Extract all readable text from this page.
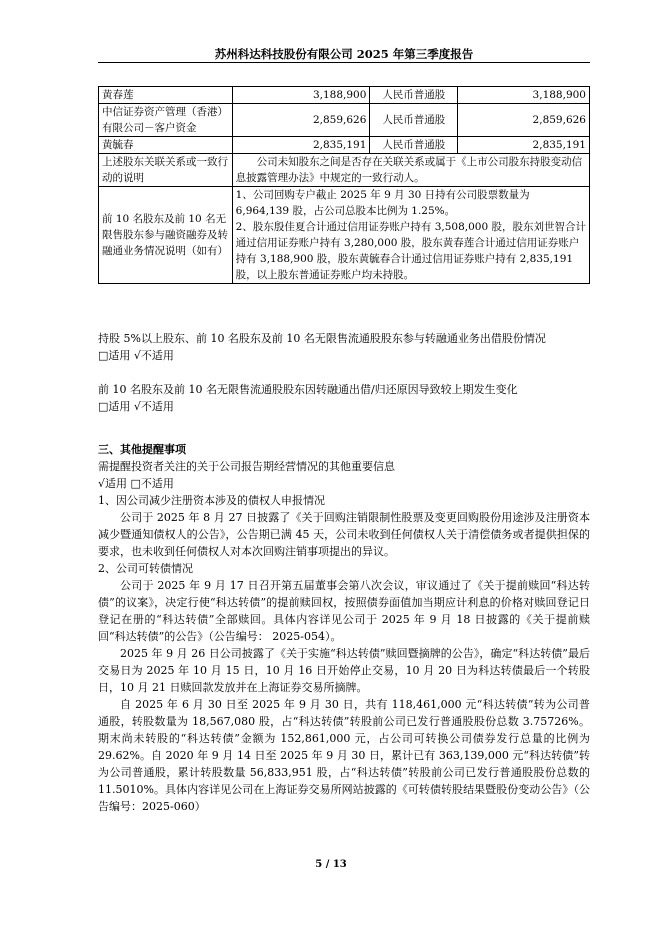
苏州科达科技股份有限公司 2025 年第三季度报告
黄春莲	3,188,900	人民币普通股	3,188,900
中信证券资产管理（香港）有限公司－客户资金	2,859,626	人民币普通股	2,859,626
黄毓春	2,835,191	人民币普通股	2,835,191
上述股东关联关系或一致行动的说明	公司未知股东之间是否存在关联关系或属于《上市公司股东持股变动信息披露管理办法》中规定的一致行动人。		
前 10 名股东及前 10 名无限售股东参与融资融券及转融通业务情况说明（如有）	1、公司回购专户截止 2025 年 9 月 30 日持有公司股票数量为 6,964,139 股，占公司总股本比例为 1.25%。
2、股东殷佳夏合计通过信用证券账户持有 3,508,000 股，股东刘世智合计通过信用证券账户持有 3,280,000 股，股东黄春莲合计通过信用证券账户持有 3,188,900 股，股东黄毓春合计通过信用证券账户持有 2,835,191 股，以上股东普通证券账户均未持股。		

持股 5%以上股东、前 10 名股东及前 10 名无限售流通股股东参与转融通业务出借股份情况

□适用 √不适用

前 10 名股东及前 10 名无限售流通股股东因转融通出借/归还原因导致较上期发生变化

□适用 √不适用

三、其他提醒事项

需提醒投资者关注的关于公司报告期经营情况的其他重要信息

√适用 □不适用

1、因公司减少注册资本涉及的债权人申报情况

公司于 2025 年 8 月 27 日披露了《关于回购注销限制性股票及变更回购股份用途涉及注册资本减少暨通知债权人的公告》，公告期已满 45 天，公司未收到任何债权人关于清偿债务或者提供担保的要求，也未收到任何债权人对本次回购注销事项提出的异议。

2、公司可转债情况

公司于 2025 年 9 月 17 日召开第五届董事会第八次会议，审议通过了《关于提前赎回“科达转债”的议案》，决定行使“科达转债”的提前赎回权，按照债券面值加当期应计利息的价格对赎回登记日登记在册的“科达转债”全部赎回。具体内容详见公司于 2025 年 9 月 18 日披露的《关于提前赎回“科达转债”的公告》（公告编号： 2025-054）。

2025 年 9 月 26 日公司披露了《关于实施“科达转债”赎回暨摘牌的公告》，确定“科达转债”最后交易日为 2025 年 10 月 15 日，10 月 16 日开始停止交易，10 月 20 日为科达转债最后一个转股日，10 月 21 日赎回款发放并在上海证券交易所摘牌。

自 2025 年 6 月 30 日至 2025 年 9 月 30 日，共有 118,461,000 元“科达转债”转为公司普通股，转股数量为 18,567,080 股，占“科达转债”转股前公司已发行普通股股份总数 3.75726%。期末尚未转股的“科达转债”金额为 152,861,000 元，占公司可转换公司债券发行总量的比例为 29.62%。自 2020 年 9 月 14 日至 2025 年 9 月 30 日，累计已有 363,139,000 元“科达转债”转为公司普通股，累计转股数量 56,833,951 股，占“科达转债”转股前公司已发行普通股股份总数的 11.5010%。具体内容详见公司在上海证券交易所网站披露的《可转债转股结果暨股份变动公告》（公告编号：2025-060）

5 / 13
